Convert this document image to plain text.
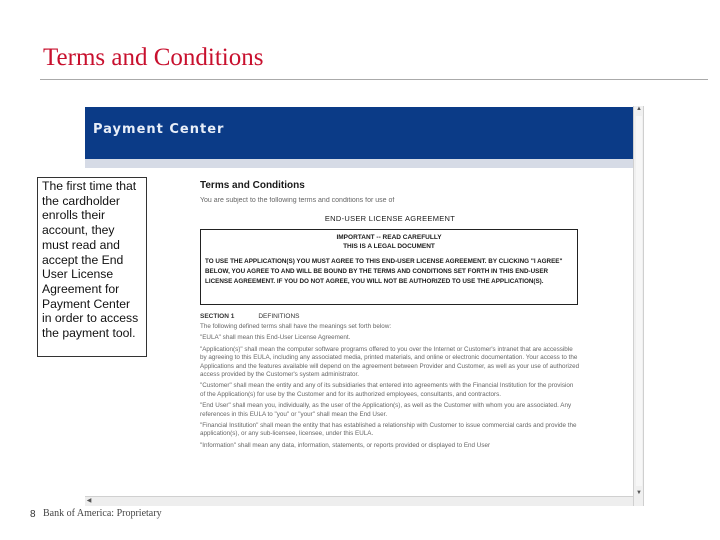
Terms and Conditions
Payment Center
▲
▼
◀
The first time that the cardholder enrolls their account, they must read and accept the End User License Agreement for Payment Center in order to access the payment tool.
Terms and Conditions
You are subject to the following terms and conditions for use of
END-USER LICENSE AGREEMENT
IMPORTANT -- READ CAREFULLY
THIS IS A LEGAL DOCUMENT
TO USE THE APPLICATION(S) YOU MUST AGREE TO THIS END-USER LICENSE AGREEMENT. BY CLICKING "I AGREE" BELOW, YOU AGREE TO AND WILL BE BOUND BY THE TERMS AND CONDITIONS SET FORTH IN THIS END-USER LICENSE AGREEMENT. IF YOU DO NOT AGREE, YOU WILL NOT BE AUTHORIZED TO USE THE APPLICATION(S).
SECTION 1	DEFINITIONS
The following defined terms shall have the meanings set forth below:
"EULA" shall mean this End-User License Agreement.
"Application(s)" shall mean the computer software programs offered to you over the Internet or Customer's intranet that are accessible by agreeing to this EULA, including any associated media, printed materials, and online or electronic documentation. Your access to the Applications and the features available will depend on the agreement between Provider and Customer, as well as your use of authorized access provided by the Customer's system administrator.
"Customer" shall mean the entity and any of its subsidiaries that entered into agreements with the Financial Institution for the provision of the Application(s) for use by the Customer and for its authorized employees, consultants, and contractors.
"End User" shall mean you, individually, as the user of the Application(s), as well as the Customer with whom you are associated. Any references in this EULA to "you" or "your" shall mean the End User.
"Financial Institution" shall mean the entity that has established a relationship with Customer to issue commercial cards and provide the application(s), or any sub-licensee, licensee, under this EULA.
"Information" shall mean any data, information, statements, or reports provided or displayed to End User
8 Bank of America: Proprietary
